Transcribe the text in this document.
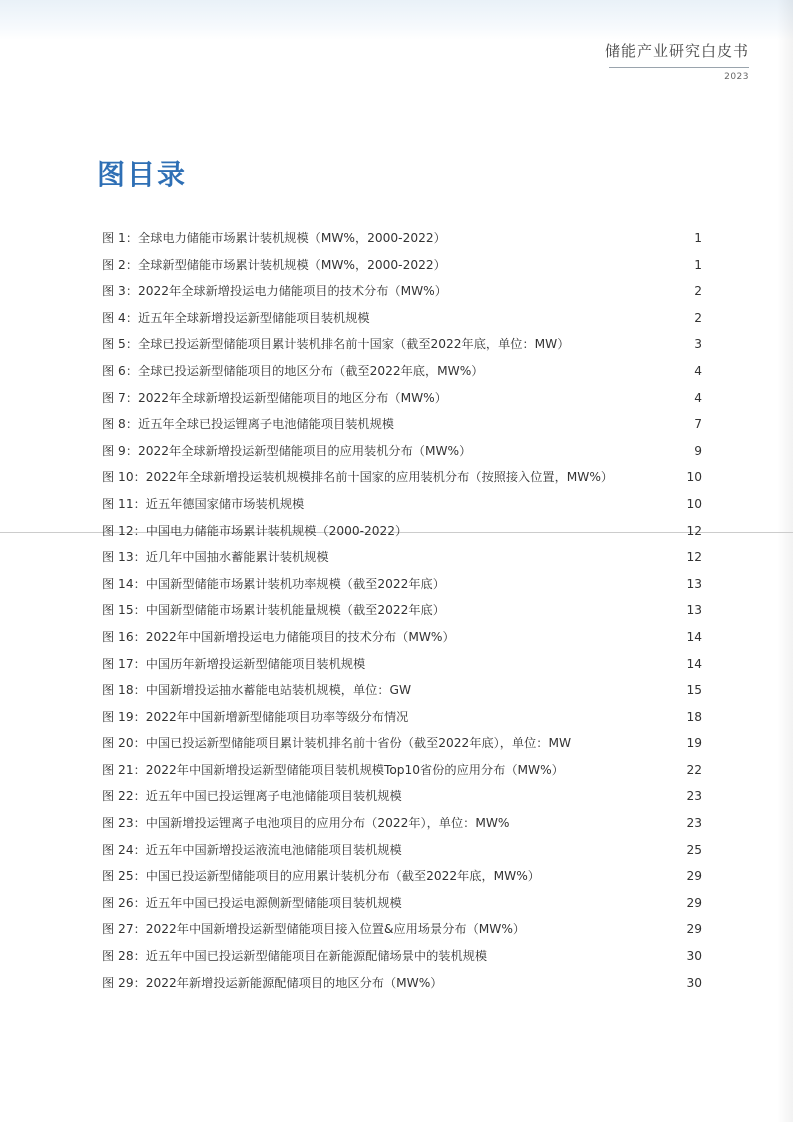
储能产业研究白皮书
2023
图目录
图 1：全球电力储能市场累计装机规模（MW%，2000-2022）	1
图 2：全球新型储能市场累计装机规模（MW%，2000-2022）	1
图 3：2022年全球新增投运电力储能项目的技术分布（MW%）	2
图 4：近五年全球新增投运新型储能项目装机规模	2
图 5：全球已投运新型储能项目累计装机排名前十国家（截至2022年底，单位：MW）	3
图 6：全球已投运新型储能项目的地区分布（截至2022年底，MW%）	4
图 7：2022年全球新增投运新型储能项目的地区分布（MW%）	4
图 8：近五年全球已投运锂离子电池储能项目装机规模	7
图 9：2022年全球新增投运新型储能项目的应用装机分布（MW%）	9
图 10：2022年全球新增投运装机规模排名前十国家的应用装机分布（按照接入位置，MW%）	10
图 11：近五年德国家储市场装机规模	10
图 12：中国电力储能市场累计装机规模（2000-2022）	12
图 13：近几年中国抽水蓄能累计装机规模	12
图 14：中国新型储能市场累计装机功率规模（截至2022年底）	13
图 15：中国新型储能市场累计装机能量规模（截至2022年底）	13
图 16：2022年中国新增投运电力储能项目的技术分布（MW%）	14
图 17：中国历年新增投运新型储能项目装机规模	14
图 18：中国新增投运抽水蓄能电站装机规模，单位：GW	15
图 19：2022年中国新增新型储能项目功率等级分布情况	18
图 20：中国已投运新型储能项目累计装机排名前十省份（截至2022年底），单位：MW	19
图 21：2022年中国新增投运新型储能项目装机规模Top10省份的应用分布（MW%）	22
图 22：近五年中国已投运锂离子电池储能项目装机规模	23
图 23：中国新增投运锂离子电池项目的应用分布（2022年），单位：MW%	23
图 24：近五年中国新增投运液流电池储能项目装机规模	25
图 25：中国已投运新型储能项目的应用累计装机分布（截至2022年底，MW%）	29
图 26：近五年中国已投运电源侧新型储能项目装机规模	29
图 27：2022年中国新增投运新型储能项目接入位置&应用场景分布（MW%）	29
图 28：近五年中国已投运新型储能项目在新能源配储场景中的装机规模	30
图 29：2022年新增投运新能源配储项目的地区分布（MW%）	30
